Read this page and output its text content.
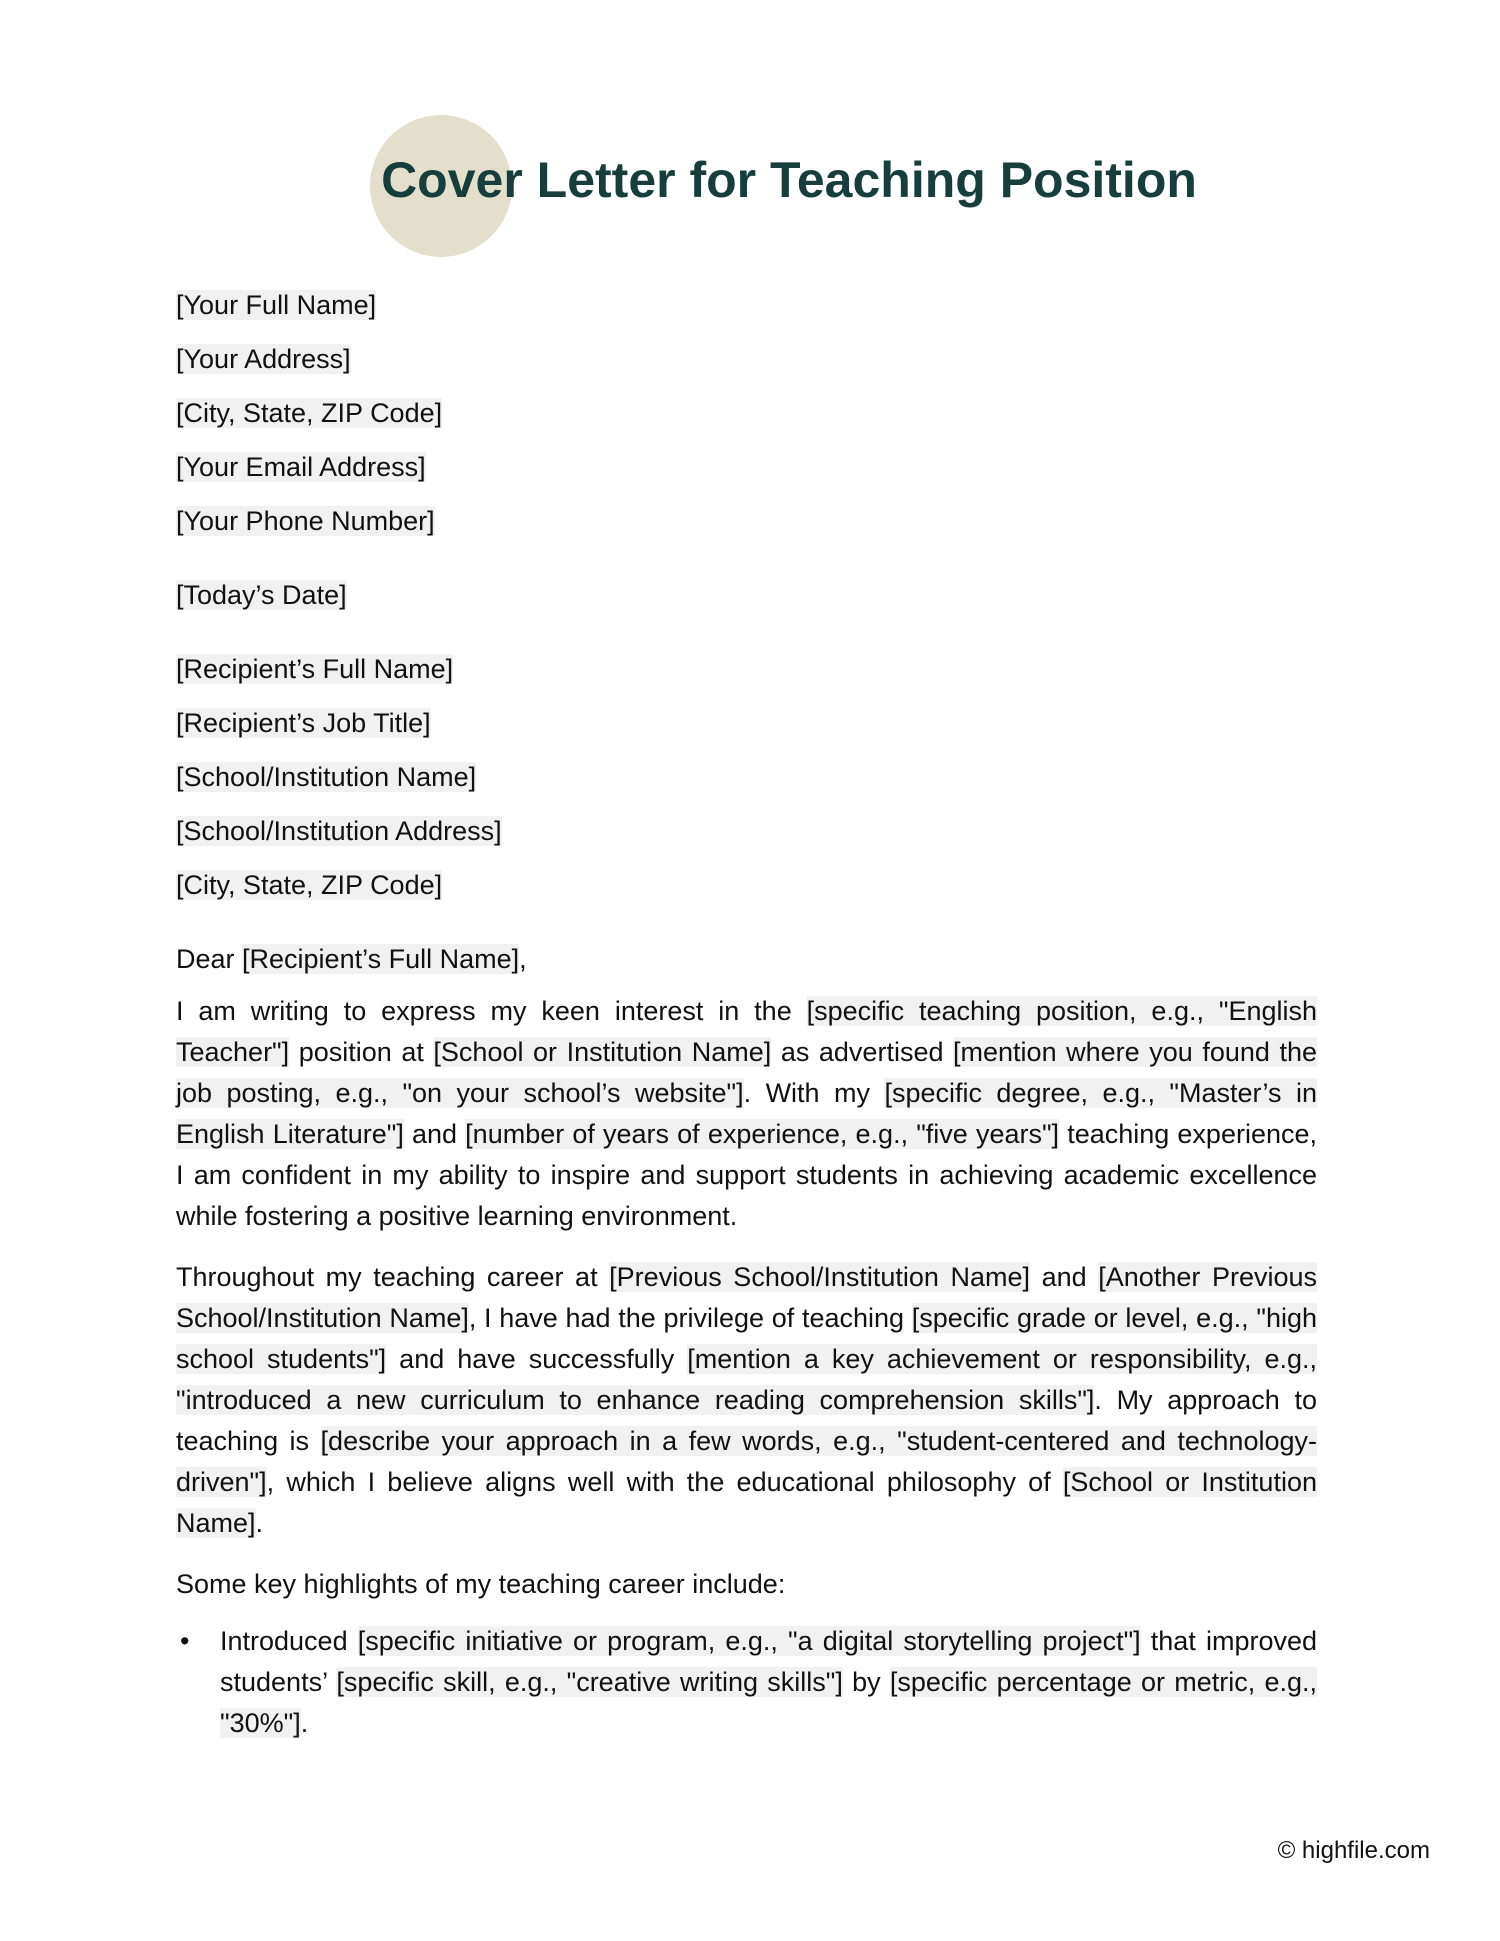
Cover Letter for Teaching Position
[Your Full Name]
[Your Address]
[City, State, ZIP Code]
[Your Email Address]
[Your Phone Number]
[Today’s Date]
[Recipient’s Full Name]
[Recipient’s Job Title]
[School/Institution Name]
[School/Institution Address]
[City, State, ZIP Code]
Dear [Recipient’s Full Name],

I am writing to express my keen interest in the [specific teaching position, e.g., "English Teacher"] position at [School or Institution Name] as advertised [mention where you found the job posting, e.g., "on your school’s website"]. With my [specific degree, e.g., "Master’s in English Literature"] and [number of years of experience, e.g., "five years"] teaching experience, I am confident in my ability to inspire and support students in achieving academic excellence while fostering a positive learning environment.

Throughout my teaching career at [Previous School/Institution Name] and [Another Previous School/Institution Name], I have had the privilege of teaching [specific grade or level, e.g., "high school students"] and have successfully [mention a key achievement or responsibility, e.g., "introduced a new curriculum to enhance reading comprehension skills"]. My approach to teaching is [describe your approach in a few words, e.g., "student-centered and technology-driven"], which I believe aligns well with the educational philosophy of [School or Institution Name].

Some key highlights of my teaching career include:

• Introduced [specific initiative or program, e.g., "a digital storytelling project"] that improved students’ [specific skill, e.g., "creative writing skills"] by [specific percentage or metric, e.g., "30%"].
© highfile.com
